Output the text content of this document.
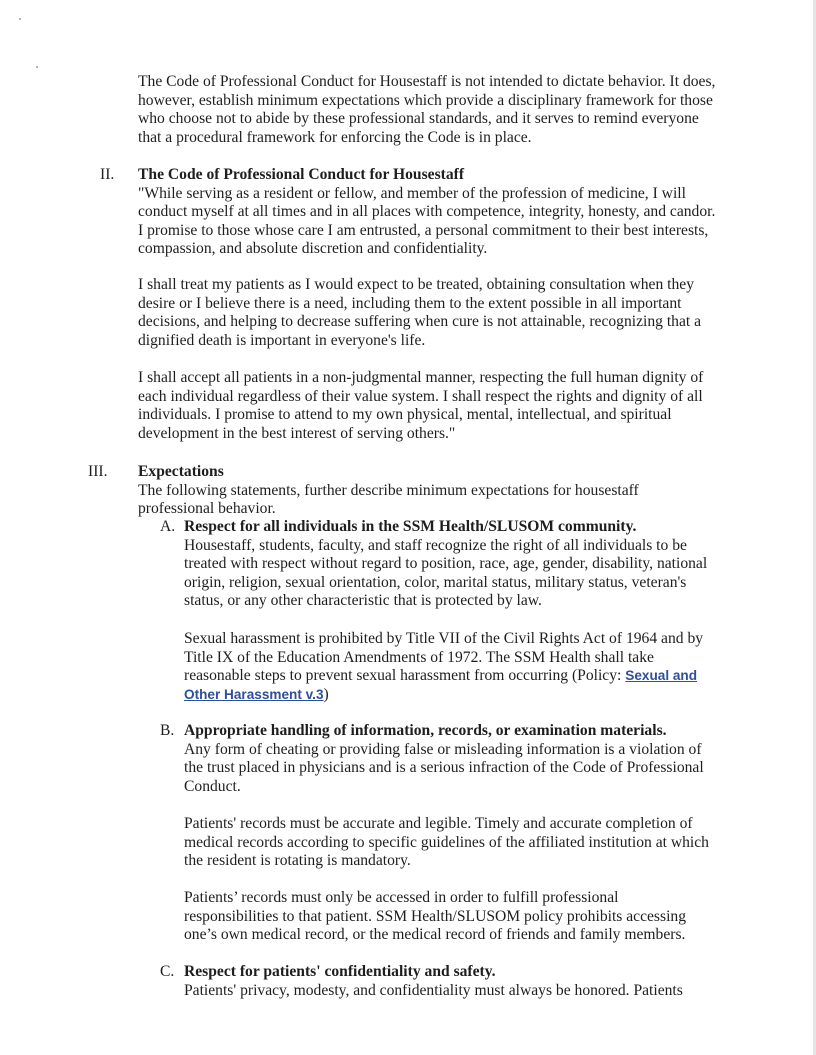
The Code of Professional Conduct for Housestaff is not intended to dictate behavior. It does, however, establish minimum expectations which provide a disciplinary framework for those who choose not to abide by these professional standards, and it serves to remind everyone that a procedural framework for enforcing the Code is in place.

II. The Code of Professional Conduct for Housestaff

"While serving as a resident or fellow, and member of the profession of medicine, I will conduct myself at all times and in all places with competence, integrity, honesty, and candor. I promise to those whose care I am entrusted, a personal commitment to their best interests, compassion, and absolute discretion and confidentiality.

I shall treat my patients as I would expect to be treated, obtaining consultation when they desire or I believe there is a need, including them to the extent possible in all important decisions, and helping to decrease suffering when cure is not attainable, recognizing that a dignified death is important in everyone's life.

I shall accept all patients in a non-judgmental manner, respecting the full human dignity of each individual regardless of their value system. I shall respect the rights and dignity of all individuals. I promise to attend to my own physical, mental, intellectual, and spiritual development in the best interest of serving others."

III. Expectations

The following statements, further describe minimum expectations for housestaff professional behavior.

A. Respect for all individuals in the SSM Health/SLUSOM community.

Housestaff, students, faculty, and staff recognize the right of all individuals to be treated with respect without regard to position, race, age, gender, disability, national origin, religion, sexual orientation, color, marital status, military status, veteran's status, or any other characteristic that is protected by law.

Sexual harassment is prohibited by Title VII of the Civil Rights Act of 1964 and by Title IX of the Education Amendments of 1972. The SSM Health shall take reasonable steps to prevent sexual harassment from occurring (Policy: Sexual and Other Harassment v.3)

B. Appropriate handling of information, records, or examination materials.

Any form of cheating or providing false or misleading information is a violation of the trust placed in physicians and is a serious infraction of the Code of Professional Conduct.

Patients' records must be accurate and legible. Timely and accurate completion of medical records according to specific guidelines of the affiliated institution at which the resident is rotating is mandatory.

Patients’ records must only be accessed in order to fulfill professional responsibilities to that patient. SSM Health/SLUSOM policy prohibits accessing one’s own medical record, or the medical record of friends and family members.

C. Respect for patients' confidentiality and safety.

Patients' privacy, modesty, and confidentiality must always be honored. Patients
